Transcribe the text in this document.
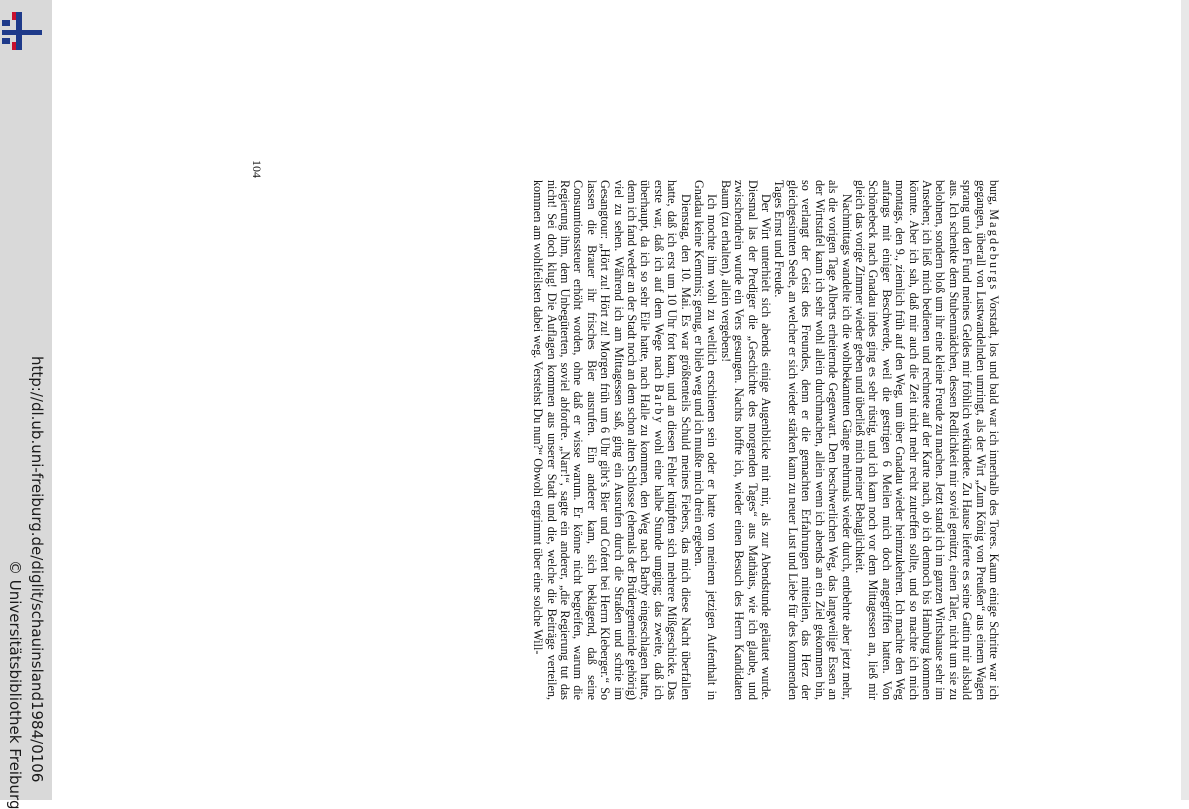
http://dl.ub.uni-freiburg.de/diglit/schauinsland1984/0106
© Universitätsbibliothek Freiburg

burg, Magdeburgs Vorstadt, los und bald war ich innerhalb des Tores. Kaum einige Schritte war ich gegangen, überall von Lustwandelnden umringt, als der Wirt „Zum König von Preußen“ aus einem Wagen sprang und den Fund meines Geldes mir fröhlich verkündete. Zu Hause lieferte es seine Gattin mir alsbald aus. Ich schenkte dem Stubenmädchen, dessen Redlichkeit mir soviel genützt, einen Taler, nicht um sie zu belohnen, sondern bloß um ihr eine kleine Freude zu machen. Jetzt stand ich im ganzen Wirtshause sehr im Ansehen; ich ließ mich bedienen und rechnete auf der Karte nach, ob ich dennoch bis Hamburg kommen könnte. Aber ich sah, daß mir auch die Zeit nicht mehr recht zutreffen sollte, und so machte ich mich montags, den 9., ziemlich früh auf den Weg, um über Gnadau wieder heimzukehren. Ich machte den Weg anfangs mit einiger Beschwerde, weil die gestrigen 6 Meilen mich doch angegriffen hatten. Von Schönebeck nach Gnadau indes ging es sehr rüstig, und ich kam noch vor dem Mittagessen an, ließ mir gleich das vorige Zimmer wieder geben und überließ mich meiner Behaglichkeit.

Nachmittags wandelte ich die wohlbekannten Gänge mehrmals wieder durch, entbehrte aber jetzt mehr, als die vorigen Tage Alberts erheiternde Gegenwart. Den beschwerlichen Weg, das langweilige Essen an der Wirtstafel kann ich sehr wohl allein durchmachen, allein wenn ich abends an ein Ziel gekommen bin, so verlangt der Geist des Freundes, denn er die gemachten Erfahrungen mitteilen, das Herz der gleichgesinnten Seele, an welcher er sich wieder stärken kann zu neuer Lust und Liebe für des kommenden Tages Ernst und Freude.

Der Wirt unterhielt sich abends einige Augenblicke mit mir, als zur Abendstunde geläutet wurde. Diesmal las der Prediger die „Geschichte des morgenden Tages“ aus Mathäus, wie ich glaube, und zwischendrein wurde ein Vers gesungen. Nachts hoffte ich, wieder einen Besuch des Herrn Kandidaten Baum (zu erhalten), allein vergebens!

Ich mochte ihm wohl zu weltlich erschienen sein oder er hatte von meinem jetzigen Aufenthalt in Gnadau keine Kenntnis; genug, er blieb weg und ich mußte mich drein ergeben.

Dienstag, den 10. Mai. Es war größtenteils Schuld meines Fiebers, das mich diese Nacht überfallen hatte, daß ich erst um 10 Uhr fort kam, und an diesen Fehler knüpften sich mehrere Mißgeschicke. Das erste war, daß ich auf dem Wege nach Barby wohl eine halbe Stunde umging; das zweite, daß ich überhaupt, da ich so sehr Eile hatte, nach Halle zu kommen, den Weg nach Barby eingeschlagen hatte, denn ich fand weder an der Stadt noch an dem schon alten Schlosse (ehemals der Brüdergemeinde gehörig) viel zu sehen. Während ich am Mittagessen saß, ging ein Ausrufen durch die Straßen und schrie im Gesangtour: „Hört zu! Hört zu! Morgen früh um 6 Uhr gibt’s Bier und Cofent bei Herrn Kleberger.“ So lassen die Brauer ihr frisches Bier ausrufen. Ein anderer kam, sich beklagend, daß seine Consumtionssteuer erhöht worden, ohne daß er wisse warum. Er könne nicht begreifen, warum die Regierung ihm, dem Unbegüterten, soviel abfordre. „Narr!“, sagte ein anderer, „die Regierung tut das nicht! Sei doch klug! Die Auflagen kommen aus unserer Stadt und die, welche die Beiträge verteilen, kommen am wohlfeilsten dabei weg. Verstehst Du nun?“ Obwohl ergrimmt über eine solche Will-

104
